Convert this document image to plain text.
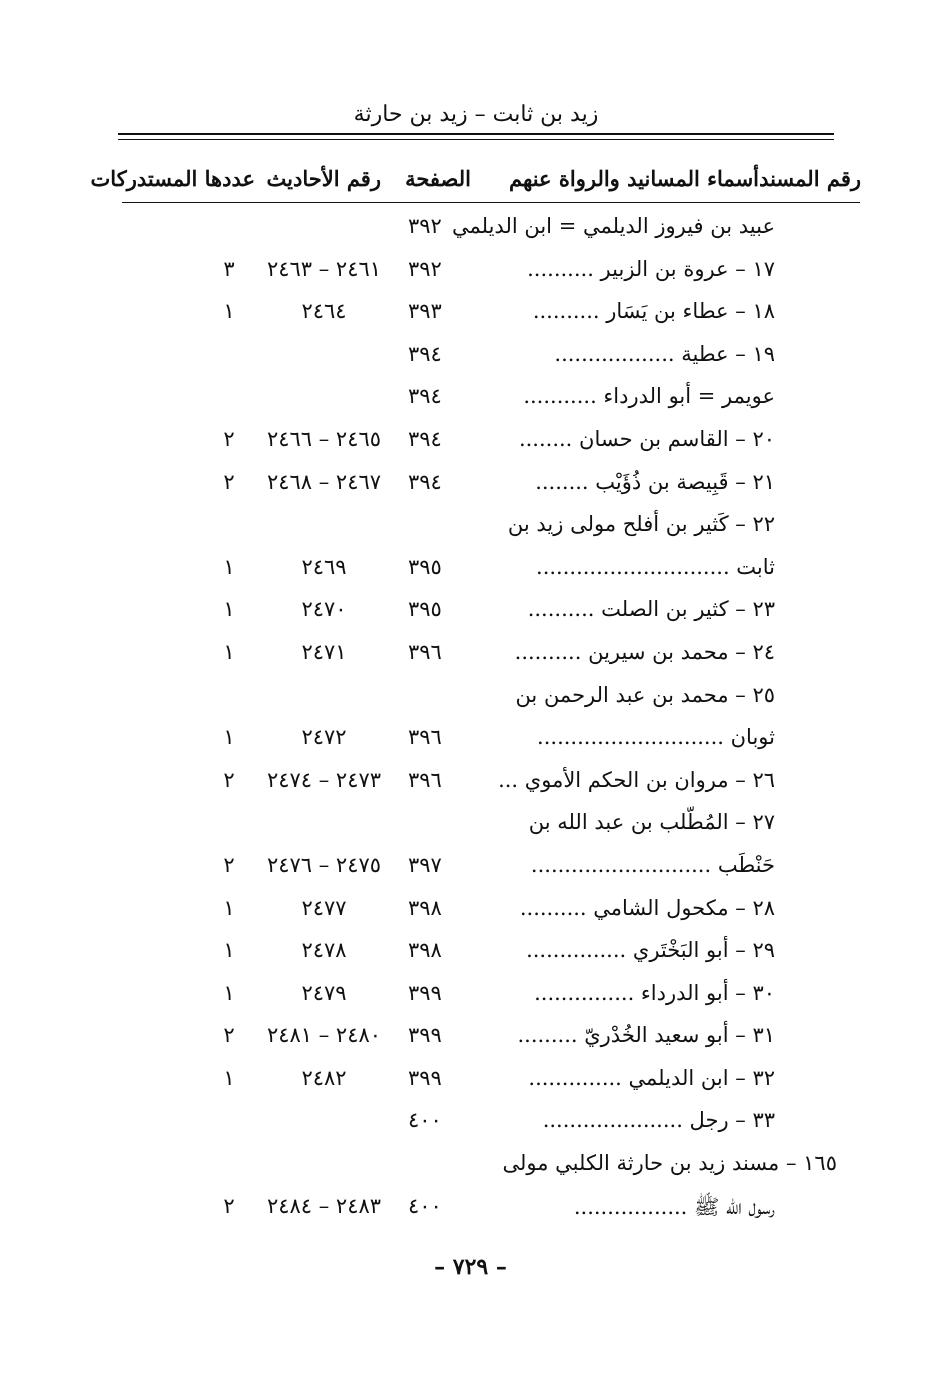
زيد بن ثابت – زيد بن حارثة
رقم المسند
أسماء المسانيد والرواة عنهم
الصفحة
رقم الأحاديث
عددها المستدركات
عبيد بن فيروز الديلمي = ابن الديلمي
٣٩٢
١٧ – عروة بن الزبير ..........
٣٩٢
٢٤٦١ – ٢٤٦٣
٣
١٨ – عطاء بن يَسَار ..........
٣٩٣
٢٤٦٤
١
١٩ – عطية ..................
٣٩٤
عويمر = أبو الدرداء ...........
٣٩٤
٢٠ – القاسم بن حسان ........
٣٩٤
٢٤٦٥ – ٢٤٦٦
٢
٢١ – قَبِيصة بن ذُؤَيْب ........
٣٩٤
٢٤٦٧ – ٢٤٦٨
٢
٢٢ – كَثير بن أفلح مولى زيد بن
ثابت .............................
٣٩٥
٢٤٦٩
١
٢٣ – كثير بن الصلت ..........
٣٩٥
٢٤٧٠
١
٢٤ – محمد بن سيرين ..........
٣٩٦
٢٤٧١
١
٢٥ – محمد بن عبد الرحمن بن
ثوبان ............................
٣٩٦
٢٤٧٢
١
٢٦ – مروان بن الحكم الأموي ...
٣٩٦
٢٤٧٣ – ٢٤٧٤
٢
٢٧ – المُطّلب بن عبد الله بن
حَنْطَب ...........................
٣٩٧
٢٤٧٥ – ٢٤٧٦
٢
٢٨ – مكحول الشامي ..........
٣٩٨
٢٤٧٧
١
٢٩ – أبو البَخْتَري ...............
٣٩٨
٢٤٧٨
١
٣٠ – أبو الدرداء ...............
٣٩٩
٢٤٧٩
١
٣١ – أبو سعيد الخُدْريّ .........
٣٩٩
٢٤٨٠ – ٢٤٨١
٢
٣٢ – ابن الديلمي ..............
٣٩٩
٢٤٨٢
١
٣٣ – رجل .....................
٤٠٠
١٦٥ – مسند زيد بن حارثة الكلبي مولى
رسول الله ﷺ .................
٤٠٠
٢٤٨٣ – ٢٤٨٤
٢
– ٧٢٩ –
